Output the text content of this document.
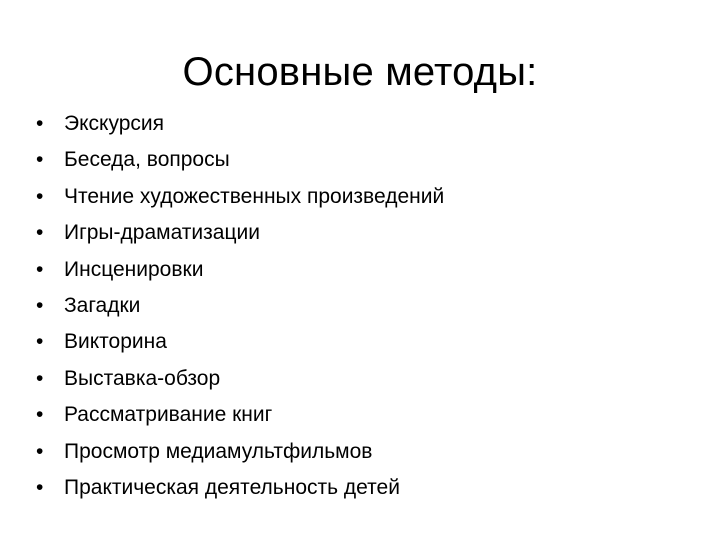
Основные методы:
• Экскурсия
• Беседа, вопросы
• Чтение художественных произведений
• Игры-драматизации
• Инсценировки
• Загадки
• Викторина
• Выставка-обзор
• Рассматривание книг
• Просмотр медиамультфильмов
• Практическая деятельность детей
